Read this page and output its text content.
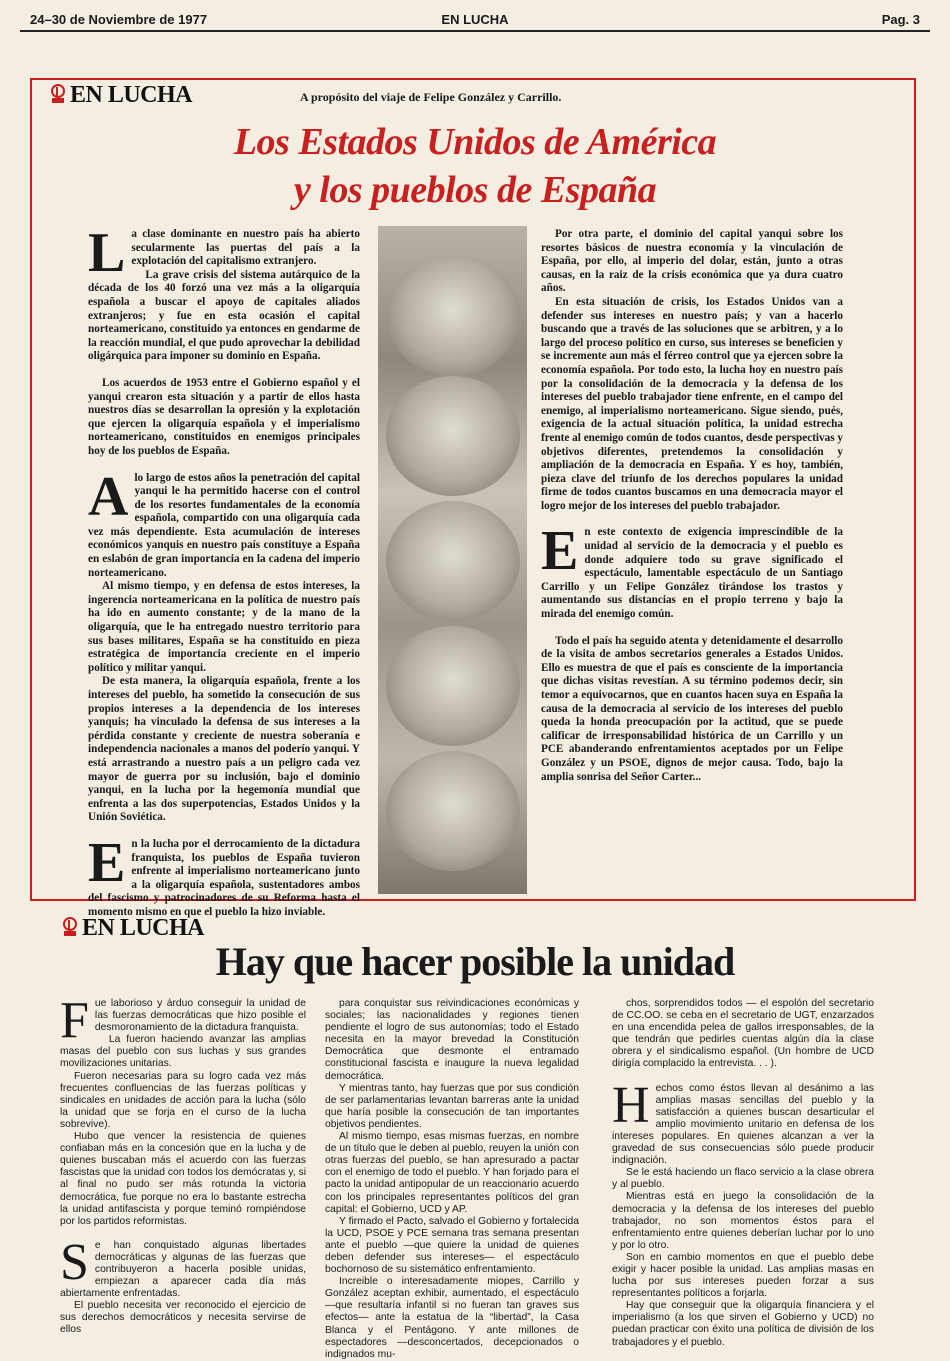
24–30 de Noviembre de 1977	EN LUCHA	Pag. 3
EN LUCHA	A propósito del viaje de Felipe González y Carrillo.
Los Estados Unidos de América
y los pueblos de España

La clase dominante en nuestro país ha abierto secularmente las puertas del país a la explotación del capitalismo extranjero.

La grave crisis del sistema autárquico de la década de los 40 forzó una vez más a la oligarquía española a buscar el apoyo de capitales aliados extranjeros; y fue en esta ocasión el capital norteamericano, constituido ya entonces en gendarme de la reacción mundial, el que pudo aprovechar la debilidad oligárquica para imponer su dominio en España.

Los acuerdos de 1953 entre el Gobierno español y el yanqui crearon esta situación y a partir de ellos hasta nuestros días se desarrollan la opresión y la explotación que ejercen la oligarquía española y el imperialismo norteamericano, constituidos en enemigos principales hoy de los pueblos de España.

A lo largo de estos años la penetración del capital yanqui le ha permitido hacerse con el control de los resortes fundamentales de la economía española, compartido con una oligarquía cada vez más dependiente. Esta acumulación de intereses económicos yanquis en nuestro país constituye a España en eslabón de gran importancia en la cadena del imperio norteamericano.

Al mismo tiempo, y en defensa de estos intereses, la ingerencia norteamericana en la política de nuestro país ha ido en aumento constante; y de la mano de la oligarquía, que le ha entregado nuestro territorio para sus bases militares, España se ha constituido en pieza estratégica de importancia creciente en el imperio político y militar yanqui.

De esta manera, la oligarquía española, frente a los intereses del pueblo, ha sometido la consecución de sus propios intereses a la dependencia de los intereses yanquis; ha vinculado la defensa de sus intereses a la pérdida constante y creciente de nuestra soberanía e independencia nacionales a manos del poderío yanqui. Y está arrastrando a nuestro país a un peligro cada vez mayor de guerra por su inclusión, bajo el dominio yanqui, en la lucha por la hegemonía mundial que enfrenta a las dos superpotencias, Estados Unidos y la Unión Soviética.

En la lucha por el derrocamiento de la dictadura franquista, los pueblos de España tuvieron enfrente al imperialismo norteamericano junto a la oligarquía española, sustentadores ambos del fascismo y patrocinadores de su Reforma hasta el momento mismo en que el pueblo la hizo inviable.

Por otra parte, el dominio del capital yanqui sobre los resortes básicos de nuestra economía y la vinculación de España, por ello, al imperio del dolar, están, junto a otras causas, en la raiz de la crisis económica que ya dura cuatro años.

En esta situación de crisis, los Estados Unidos van a defender sus intereses en nuestro país; y van a hacerlo buscando que a través de las soluciones que se arbitren, y a lo largo del proceso político en curso, sus intereses se beneficien y se incremente aun más el férreo control que ya ejercen sobre la economía española. Por todo esto, la lucha hoy en nuestro país por la consolidación de la democracia y la defensa de los intereses del pueblo trabajador tiene enfrente, en el campo del enemigo, al imperialismo norteamericano. Sigue siendo, pués, exigencia de la actual situación política, la unidad estrecha frente al enemigo común de todos cuantos, desde perspectivas y objetivos diferentes, pretendemos la consolidación y ampliación de la democracia en España. Y es hoy, también, pieza clave del triunfo de los derechos populares la unidad firme de todos cuantos buscamos en una democracia mayor el logro mejor de los intereses del pueblo trabajador.

En este contexto de exigencia imprescindible de la unidad al servicio de la democracia y el pueblo es donde adquiere todo su grave significado el espectáculo, lamentable espectáculo de un Santiago Carrillo y un Felipe González tirándose los trastos y aumentando sus distancias en el propio terreno y bajo la mirada del enemigo común.

Todo el país ha seguido atenta y detenidamente el desarrollo de la visita de ambos secretarios generales a Estados Unidos. Ello es muestra de que el país es consciente de la importancia que dichas visitas revestían. A su término podemos decir, sin temor a equivocarnos, que en cuantos hacen suya en España la causa de la democracia al servicio de los intereses del pueblo queda la honda preocupación por la actitud, que se puede calificar de irresponsabilidad histórica de un Carrillo y un PCE abanderando enfrentamientos aceptados por un Felipe González y un PSOE, dignos de mejor causa. Todo, bajo la amplia sonrisa del Señor Carter...

EN LUCHA
Hay que hacer posible la unidad

Fue laborioso y árduo conseguir la unidad de las fuerzas democráticas que hizo posible el desmoronamiento de la dictadura franquista.

La fueron haciendo avanzar las amplias masas del pueblo con sus luchas y sus grandes movilizaciones unitarias.

Fueron necesarias para su logro cada vez más frecuentes confluencias de las fuerzas políticas y sindicales en unidades de acción para la lucha (sólo la unidad que se forja en el curso de la lucha sobrevive).

Hubo que vencer la resistencia de quienes confiaban más en la concesión que en la lucha y de quienes buscaban más el acuerdo con las fuerzas fascistas que la unidad con todos los demócratas y, si al final no pudo ser más rotunda la victoria democrática, fue porque no era lo bastante estrecha la unidad antifascista y porque teminó rompiéndose por los partidos reformistas.

Se han conquistado algunas libertades democráticas y algunas de las fuerzas que contribuyeron a hacerla posible unidas, empiezan a aparecer cada día más abiertamente enfrentadas.

El pueblo necesita ver reconocido el ejercicio de sus derechos democráticos y necesita servirse de ellos

para conquistar sus reivindicaciones económicas y sociales; las nacionalidades y regiones tienen pendiente el logro de sus autonomías; todo el Estado necesita en la mayor brevedad la Constitución Democrática que desmonte el entramado constitucional fascista e inaugure la nueva legalidad democrática.

Y mientras tanto, hay fuerzas que por sus condición de ser parlamentarias levantan barreras ante la unidad que haría posible la consecución de tan importantes objetivos pendientes.

Al mismo tiempo, esas mismas fuerzas, en nombre de un título que le deben al pueblo, reuyen la unión con otras fuerzas del pueblo, se han apresurado a pactar con el enemigo de todo el pueblo. Y han forjado para el pacto la unidad antipopular de un reaccionario acuerdo con los principales representantes políticos del gran capital: el Gobierno, UCD y AP.

Y firmado el Pacto, salvado el Gobierno y fortalecida la UCD, PSOE y PCE semana tras semana presentan ante el pueblo —que quiere la unidad de quienes deben defender sus intereses— el espectáculo bochornoso de su sistemático enfrentamiento.

Increible o interesadamente miopes, Carrillo y González aceptan exhibir, aumentado, el espectáculo —que resultaría infantil si no fueran tan graves sus efectos— ante la estatua de la “libertad”, la Casa Blanca y el Pentágono. Y ante millones de espectadores —desconcertados, decepcionados o indignados mu-

chos, sorprendidos todos — el espolón del secretario de CC.OO. se ceba en el secretario de UGT, enzarzados en una encendida pelea de gallos irresponsables, de la que tendrán que pedirles cuentas algún día la clase obrera y el sindicalismo español. (Un hombre de UCD dirigía complacido la entrevista. . . ).

Hechos como éstos llevan al desánimo a las amplias masas sencillas del pueblo y la satisfacción a quienes buscan desarticular el amplio movimiento unitario en defensa de los intereses populares. En quienes alcanzan a ver la gravedad de sus consecuencias sólo puede producir indignación.

Se le está haciendo un flaco servicio a la clase obrera y al pueblo.

Mientras está en juego la consolidación de la democracia y la defensa de los intereses del pueblo trabajador, no son momentos éstos para el enfrentamiento entre quienes deberían luchar por lo uno y por lo otro.

Son en cambio momentos en que el pueblo debe exigir y hacer posible la unidad. Las amplias masas en lucha por sus intereses pueden forzar a sus representantes políticos a forjarla.

Hay que conseguir que la oligarquía financiera y el imperialismo (a los que sirven el Gobierno y UCD) no puedan practicar con éxito una política de división de los trabajadores y el pueblo.
